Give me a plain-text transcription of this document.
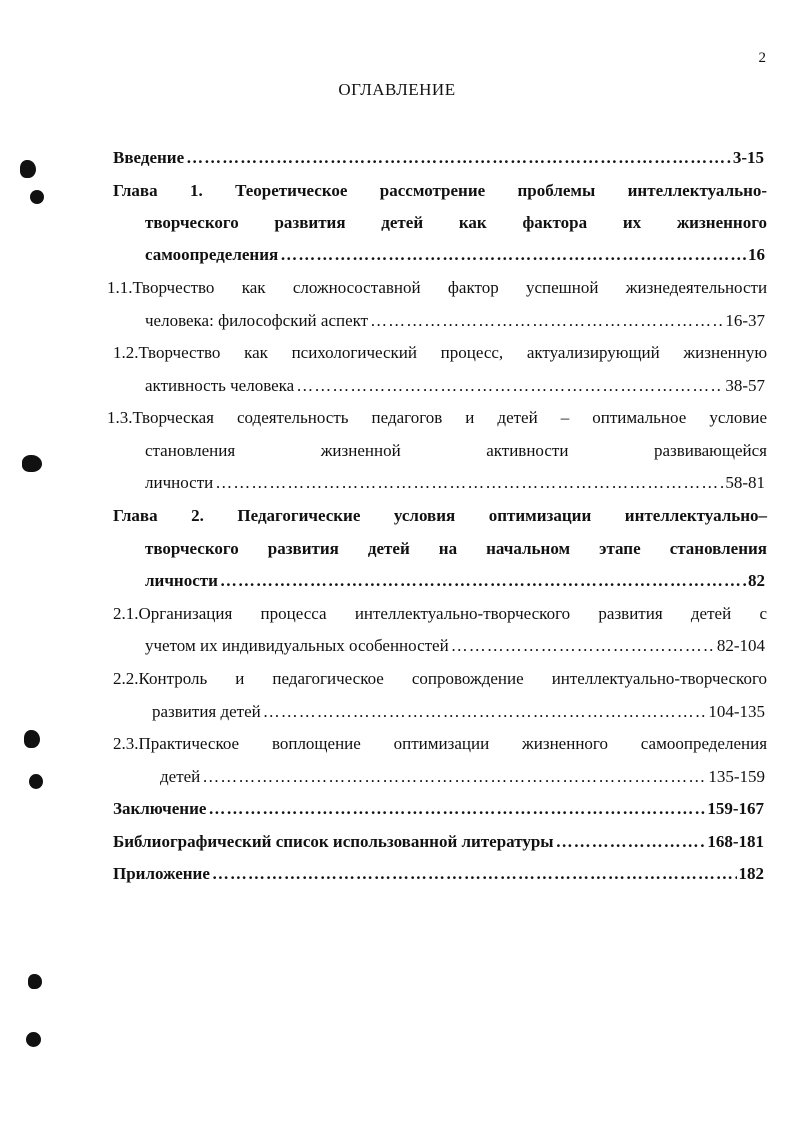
2
ОГЛАВЛЕНИЕ
Введение ……………………………………………………………………………………………………………………………………………………………………………………………………	3-15
Глава 1. Теоретическое рассмотрение проблемы интеллектуально-
творческого развития детей как фактора их жизненного
самоопределения ……………………………………………………………………………………………………………………………………………………………………………………………………	16
1.1.Творчество как сложносоставной фактор успешной жизнедеятельности
человека: философский аспект ……………………………………………………………………………………………………………………………………………………………………………………………………	16-37
1.2.Творчество как психологический процесс, актуализирующий жизненную
активность человека ……………………………………………………………………………………………………………………………………………………………………………………………………	38-57
1.3.Творческая содеятельность педагогов и детей – оптимальное условие
становления	жизненной	активности	развивающейся
личности ……………………………………………………………………………………………………………………………………………………………………………………………………	58-81
Глава 2. Педагогические условия оптимизации интеллектуально–
творческого развития детей на начальном этапе становления
личности ……………………………………………………………………………………………………………………………………………………………………………………………………	82
2.1.Организация процесса интеллектуально-творческого развития детей с
учетом их индивидуальных особенностей ……………………………………………………………………………………………………………………………………………………………………………………………………	82-104
2.2.Контроль и педагогическое сопровождение интеллектуально-творческого
развития детей ……………………………………………………………………………………………………………………………………………………………………………………………………	104-135
2.3.Практическое воплощение оптимизации жизненного самоопределения
детей ……………………………………………………………………………………………………………………………………………………………………………………………………	135-159
Заключение ……………………………………………………………………………………………………………………………………………………………………………………………………	159-167
Библиографический список использованной литературы ……………………………………………………………………………………………………………………………………………………………………………………………………	168-181
Приложение ……………………………………………………………………………………………………………………………………………………………………………………………………	182
